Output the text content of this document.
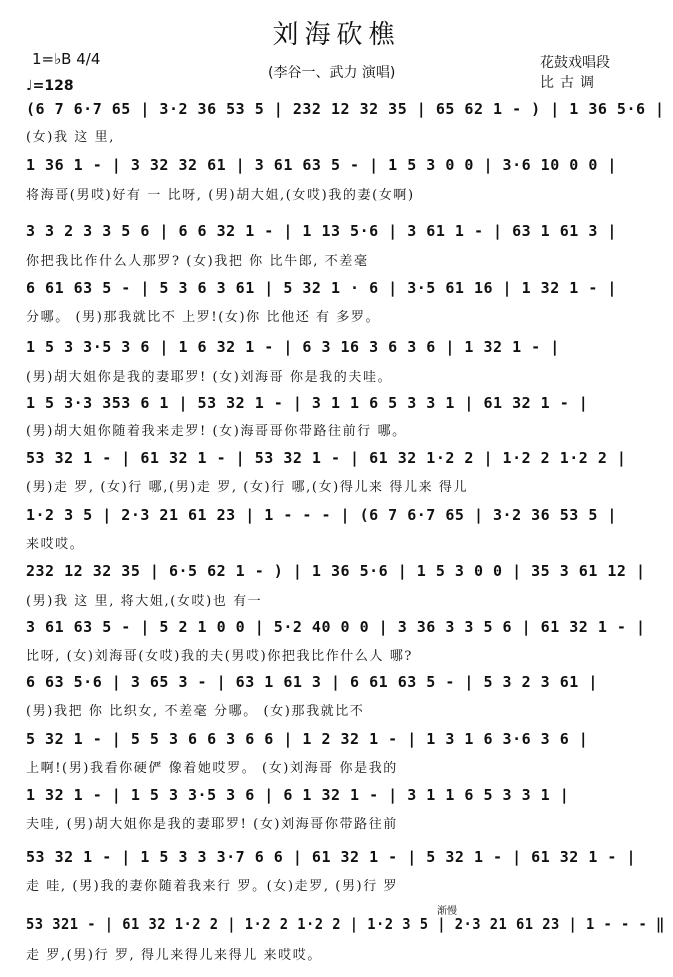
刘海砍樵
1=♭B 4/4
♩=128
(李谷一、武力 演唱)
花鼓戏唱段
比古调
渐慢
(6 7 6·7 65 | 3·2 36 53 5 | 232 12 32 35 | 65 62 1 - ) | 1 36 5·6 |
(女)我 这 里,
1 36 1 - | 3 32 32 61 | 3 61 63 5 - | 1 5 3 0 0 | 3·6 10 0 0 |
将海哥(男哎)好有 一 比呀, (男)胡大姐,(女哎)我的妻(女啊)
3 3 2 3 3 5 6 | 6 6 32 1 - | 1 13 5·6 | 3 61 1 - | 63 1 61 3 |
你把我比作什么人那罗? (女)我把 你 比牛郎, 不差毫
6 61 63 5 - | 5 3 6 3 61 | 5 32 1 · 6 | 3·5 61 16 | 1 32 1 - |
分哪。 (男)那我就比不 上罗!(女)你 比他还 有 多罗。
1 5 3 3·5 3 6 | 1 6 32 1 - | 6 3 16 3 6 3 6 | 1 32 1 - |
(男)胡大姐你是我的妻耶罗! (女)刘海哥 你是我的夫哇。
1 5 3·3 353 6 1 | 53 32 1 - | 3 1 1 6 5 3 3 1 | 61 32 1 - |
(男)胡大姐你随着我来走罗! (女)海哥哥你带路往前行 哪。
53 32 1 - | 61 32 1 - | 53 32 1 - | 61 32 1·2 2 | 1·2 2 1·2 2 |
(男)走 罗, (女)行 哪,(男)走 罗, (女)行 哪,(女)得儿来 得儿来 得儿
1·2 3 5 | 2·3 21 61 23 | 1 - - - | (6 7 6·7 65 | 3·2 36 53 5 |
来哎哎。
232 12 32 35 | 6·5 62 1 - ) | 1 36 5·6 | 1 5 3 0 0 | 35 3 61 12 |
(男)我 这 里, 将大姐,(女哎)也 有一
3 61 63 5 - | 5 2 1 0 0 | 5·2 40 0 0 | 3 36 3 3 5 6 | 61 32 1 - |
比呀, (女)刘海哥(女哎)我的夫(男哎)你把我比作什么人 哪?
6 63 5·6 | 3 65 3 - | 63 1 61 3 | 6 61 63 5 - | 5 3 2 3 61 |
(男)我把 你 比织女, 不差毫 分哪。 (女)那我就比不
5 32 1 - | 5 5 3 6 6 3 6 6 | 1 2 32 1 - | 1 3 1 6 3·6 3 6 |
上啊!(男)我看你硬俨 像着她哎罗。 (女)刘海哥 你是我的
1 32 1 - | 1 5 3 3·5 3 6 | 6 1 32 1 - | 3 1 1 6 5 3 3 1 |
夫哇, (男)胡大姐你是我的妻耶罗! (女)刘海哥你带路往前
53 32 1 - | 1 5 3 3 3·7 6 6 | 61 32 1 - | 5 32 1 - | 61 32 1 - |
走 哇, (男)我的妻你随着我来行 罗。(女)走罗, (男)行 罗
53 321 - | 61 32 1·2 2 | 1·2 2 1·2 2 | 1·2 3 5 | 2·3 21 61 23 | 1 - - - ‖
走 罗,(男)行 罗, 得儿来得儿来得儿 来哎哎。
